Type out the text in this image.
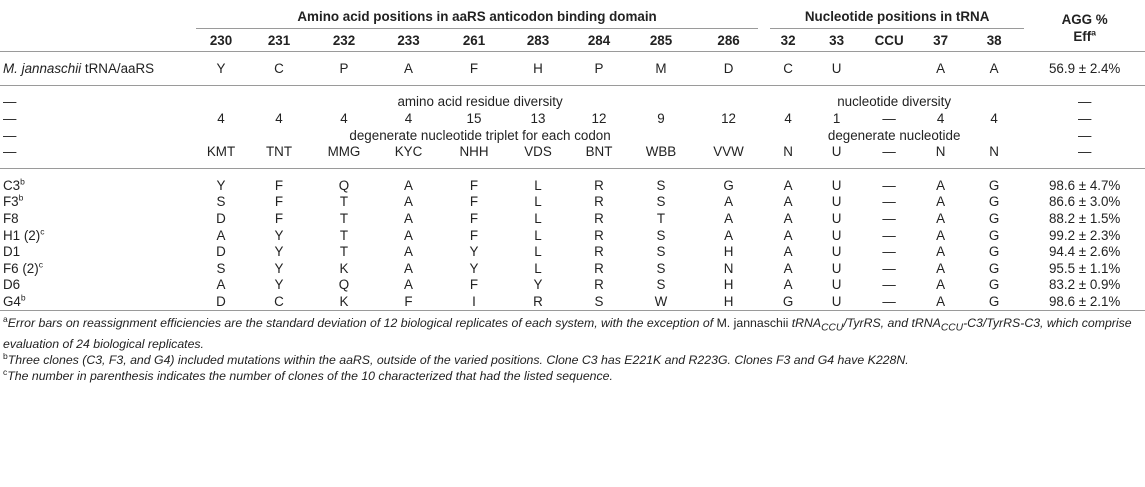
	Amino acid positions in aaRS anticodon binding domain									Nucleotide positions in tRNA					AGG %
Eff$^a$
	230	231	232	233	261	283	284	285	286	32	33	CCU	37	38	

M. jannaschii tRNA/aaRS	Y	C	P	A	F	H	P	M	D	C	U		A	A	56.9 ± 2.4%

—	amino acid residue diversity									nucleotide diversity					—
—	4	4	4	4	15	13	12	9	12	4	1	—	4	4	—
—	degenerate nucleotide triplet for each codon									degenerate nucleotide					—
—	KMT	TNT	MMG	KYC	NHH	VDS	BNT	WBB	VVW	N	U	—	N	N	—

C3$^b$	Y	F	Q	A	F	L	R	S	G	A	U	—	A	G	98.6 ± 4.7%
F3$^b$	S	F	T	A	F	L	R	S	A	A	U	—	A	G	86.6 ± 3.0%
F8	D	F	T	A	F	L	R	T	A	A	U	—	A	G	88.2 ± 1.5%
H1 $(2)^c$	A	Y	T	A	F	L	R	S	A	A	U	—	A	G	99.2 ± 2.3%
D1	D	Y	T	A	Y	L	R	S	H	A	U	—	A	G	94.4 ± 2.6%
F6 $(2)^c$	S	Y	K	A	Y	L	R	S	N	A	U	—	A	G	95.5 ± 1.1%
D6	A	Y	Q	A	F	Y	R	S	H	A	U	—	A	G	83.2 ± 0.9%
G4$^b$	D	C	K	F	I	R	S	W	H	G	U	—	A	G	98.6 ± 2.1%

$^a$Error bars on reassignment efficiencies are the standard deviation of 12 biological replicates of each system, with the exception of M. jannaschii tRNA$_{CCU}$/TyrRS, and tRNA$_{CCU}$-C3/TyrRS-C3, which comprise evaluation of 24 biological replicates.

$^b$Three clones (C3, F3, and G4) included mutations within the aaRS, outside of the varied positions. Clone C3 has E221K and R223G. Clones F3 and G4 have K228N.

$^c$The number in parenthesis indicates the number of clones of the 10 characterized that had the listed sequence.
